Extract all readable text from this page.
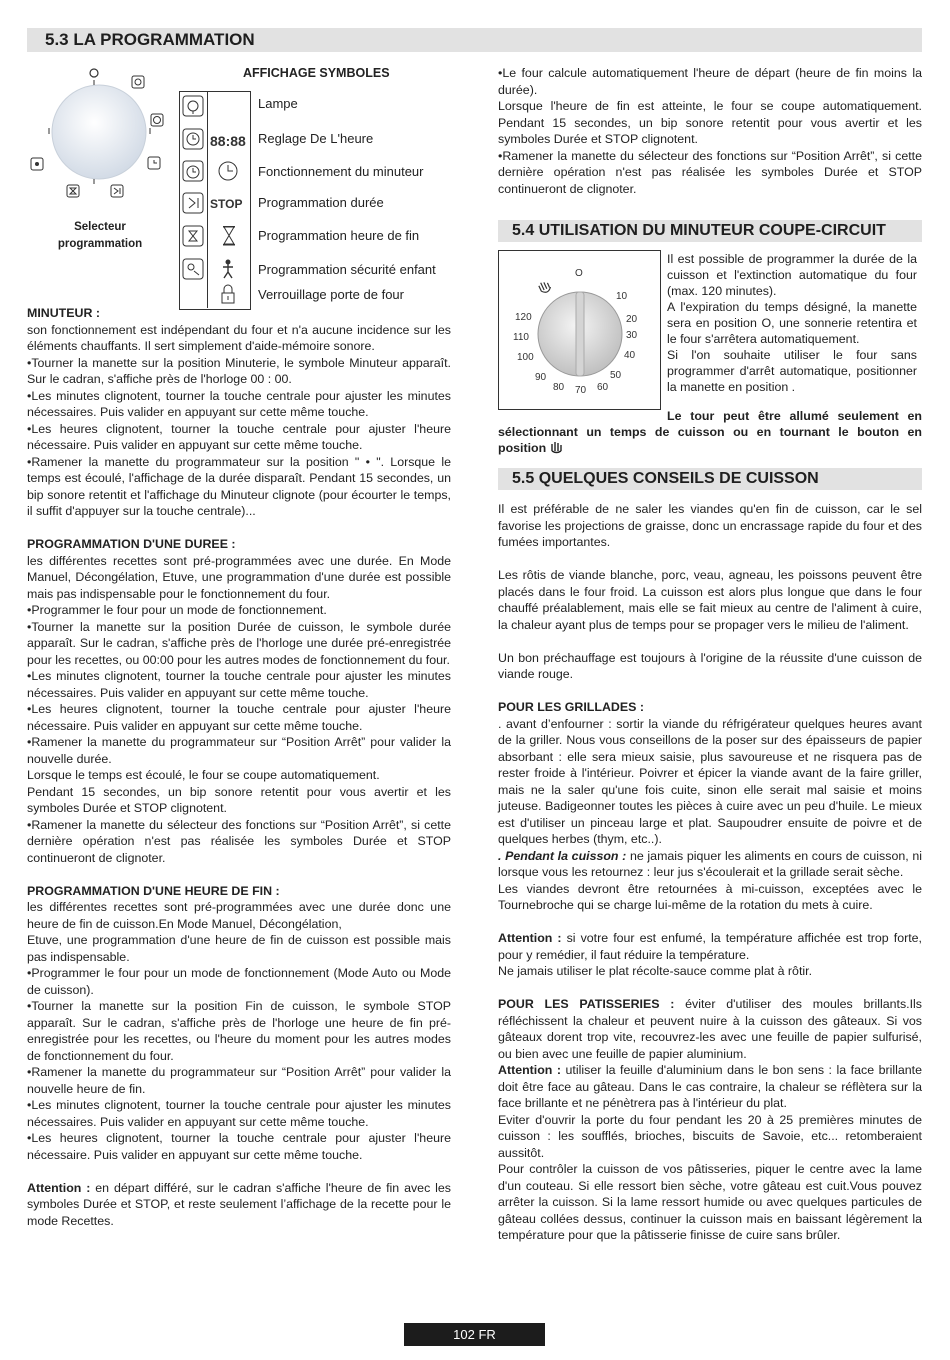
5.3 LA PROGRAMMATION
Selecteur
programmation
AFFICHAGE SYMBOLES
88:88
STOP
Lampe
Reglage De L'heure
Fonctionnement du minuteur
Programmation durée
Programmation heure de fin
Programmation sécurité enfant
Verrouillage porte de four

MINUTEUR :

son fonctionnement est indépendant du four et n'a aucune incidence sur les éléments chauffants. Il sert simplement d'aide-mémoire sonore.

•Tourner la manette sur la position Minuterie, le symbole Minuteur apparaît. Sur le cadran, s'affiche près de l'horloge 00 : 00.

•Les minutes clignotent, tourner la touche centrale pour ajuster les minutes nécessaires. Puis valider en appuyant sur cette même touche.

•Les heures clignotent, tourner la touche centrale pour ajuster l'heure nécessaire. Puis valider en appuyant sur cette même touche.

•Ramener la manette du programmateur sur la position " • ". Lorsque le temps est écoulé, l'affichage de la durée disparaît. Pendant 15 secondes, un bip sonore retentit et l'affichage du Minuteur clignote (pour écourter le temps, il suffit d'appuyer sur la touche centrale)...

PROGRAMMATION D'UNE DUREE :

les différentes recettes sont pré-programmées avec une durée. En Mode Manuel, Décongélation, Etuve, une programmation d'une durée est possible mais pas indispensable pour le fonctionnement du four.

•Programmer le four pour un mode de fonctionnement.

•Tourner la manette sur la position Durée de cuisson, le symbole durée apparaît. Sur le cadran, s'affiche près de l'horloge une durée pré-enregistrée pour les recettes, ou 00:00 pour les autres modes de fonctionnement du four.

•Les minutes clignotent, tourner la touche centrale pour ajuster les minutes nécessaires. Puis valider en appuyant sur cette même touche.

•Les heures clignotent, tourner la touche centrale pour ajuster l'heure nécessaire. Puis valider en appuyant sur cette même touche.

•Ramener la manette du programmateur sur “Position Arrêt” pour valider la nouvelle durée.

Lorsque le temps est écoulé, le four se coupe automatiquement.

Pendant 15 secondes, un bip sonore retentit pour vous avertir et les symboles Durée et STOP clignotent.

•Ramener la manette du sélecteur des fonctions sur “Position Arrêt”, si cette dernière opération n'est pas réalisée les symboles Durée et STOP continueront de clignoter.

PROGRAMMATION D'UNE HEURE DE FIN :

les différentes recettes sont pré-programmées avec une durée donc une heure de fin de cuisson.En Mode Manuel, Décongélation,

Etuve, une programmation d'une heure de fin de cuisson est possible mais pas indispensable.

•Programmer le four pour un mode de fonctionnement (Mode Auto ou Mode de cuisson).

•Tourner la manette sur la position Fin de cuisson, le symbole STOP apparaît. Sur le cadran, s'affiche près de l'horloge une heure de fin pré-enregistrée pour les recettes, ou l'heure du moment pour les autres modes de fonctionnement du four.

•Ramener la manette du programmateur sur “Position Arrêt” pour valider la nouvelle heure de fin.

•Les minutes clignotent, tourner la touche centrale pour ajuster les minutes nécessaires. Puis valider en appuyant sur cette même touche.

•Les heures clignotent, tourner la touche centrale pour ajuster l'heure nécessaire. Puis valider en appuyant sur cette même touche.

Attention : en départ différé, sur le cadran s'affiche l'heure de fin avec les symboles Durée et STOP, et reste seulement l’affichage de la recette pour le mode Recettes.

•Le four calcule automatiquement l'heure de départ (heure de fin moins la durée).

Lorsque l'heure de fin est atteinte, le four se coupe automatiquement. Pendant 15 secondes, un bip sonore retentit pour vous avertir et les symboles Durée et STOP clignotent.

•Ramener la manette du sélecteur des fonctions sur “Position Arrêt”, si cette dernière opération n'est pas réalisée les symboles Durée et STOP continueront de clignoter.

5.4 UTILISATION DU MINUTEUR COUPE-CIRCUIT
O
10
20
30
40
50
60
70
80
90
100
110
120

Il est possible de programmer la durée de la cuisson et l'extinction automatique du four (max. 120 minutes).

A l'expiration du temps désigné, la manette sera en position O, une sonnerie retentira et le four s'arrêtera automatiquement.

Si l'on souhaite utiliser le four sans programmer d'arrêt automatique, positionner la manette en position .

Le tour peut être allumé seulement en sélectionnant un temps de cuisson ou en tournant le bouton en position
5.5 QUELQUES CONSEILS DE CUISSON

Il est préférable de ne saler les viandes qu'en fin de cuisson, car le sel favorise les projections de graisse, donc un encrassage rapide du four et des fumées importantes.

Les rôtis de viande blanche, porc, veau, agneau, les poissons peuvent être placés dans le four froid. La cuisson est alors plus longue que dans le four chauffé préalablement, mais elle se fait mieux au centre de l'aliment à cuire, la chaleur ayant plus de temps pour se propager vers le milieu de l'aliment.

Un bon préchauffage est toujours à l'origine de la réussite d'une cuisson de viande rouge.

POUR LES GRILLADES :

. avant d’enfourner : sortir la viande du réfrigérateur quelques heures avant de la griller. Nous vous conseillons de la poser sur des épaisseurs de papier absorbant : elle sera mieux saisie, plus savoureuse et ne risquera pas de rester froide à l'intérieur. Poivrer et épicer la viande avant de la faire griller, mais ne la saler qu'une fois cuite, sinon elle serait mal saisie et moins juteuse. Badigeonner toutes les pièces à cuire avec un peu d'huile. Le mieux est d'utiliser un pinceau large et plat. Saupoudrer ensuite de poivre et de quelques herbes (thym, etc..).

. Pendant la cuisson : ne jamais piquer les aliments en cours de cuisson, ni lorsque vous les retournez : leur jus s'écoulerait et la grillade serait sèche.

Les viandes devront être retournées à mi-cuisson, exceptées avec le Tournebroche qui se charge lui-même de la rotation du mets à cuire.

Attention : si votre four est enfumé, la température affichée est trop forte, pour y remédier, il faut réduire la température.

Ne jamais utiliser le plat récolte-sauce comme plat à rôtir.

POUR LES PATISSERIES : éviter d'utiliser des moules brillants.Ils réfléchissent la chaleur et peuvent nuire à la cuisson des gâteaux. Si vos gâteaux dorent trop vite, recouvrez-les avec une feuille de papier sulfurisé, ou bien avec une feuille de papier aluminium.

Attention : utiliser la feuille d'aluminium dans le bon sens : la face brillante doit être face au gâteau. Dans le cas contraire, la chaleur se réflètera sur la face brillante et ne pénètrera pas à l'intérieur du plat.

Eviter d'ouvrir la porte du four pendant les 20 à 25 premières minutes de cuisson : les soufflés, brioches, biscuits de Savoie, etc... retomberaient aussitôt.

Pour contrôler la cuisson de vos pâtisseries, piquer le centre avec la lame d'un couteau. Si elle ressort bien sèche, votre gâteau est cuit.Vous pouvez arrêter la cuisson. Si la lame ressort humide ou avec quelques particules de gâteau collées dessus, continuer la cuisson mais en baissant légèrement la température pour que la pâtisserie finisse de cuire sans brûler.

102 FR
